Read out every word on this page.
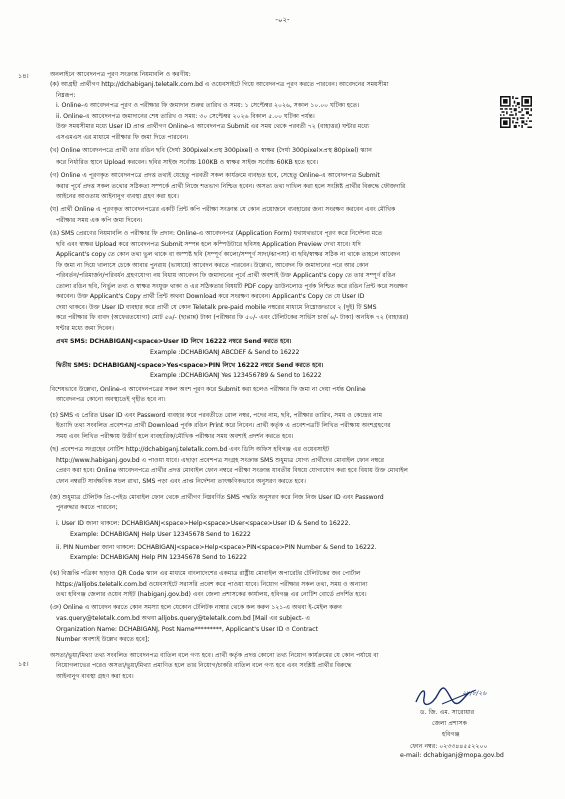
-০২-
১৪।	অনলাইনে আবেদনপত্র পূরণ সংক্রান্ত নিয়মাবলি ও করণীয়:
(ক) আগ্রহী প্রার্থীগণ http://dchabiganj.teletalk.com.bd এ ওয়েবসাইটে গিয়ে আবেদনপত্র পূরণ করতে পারবেন। আবেদনের সময়সীমা
নিম্নরূপ:
i. Online-এ আবেদনপত্র পূরণ ও পরীক্ষার ফি জমাদান শুরুর তারিখ ও সময়: ১ সেপ্টেম্বর ২০২৬, সকাল ১০.০০ ঘটিকা হতে।
ii. Online-এ আবেদনপত্র জমাদানের শেষ তারিখ ও সময়: ৩০ সেপ্টেম্বর ২০২৬ বিকাল ৫.০০ ঘটিকা পর্যন্ত।
উক্ত সময়সীমার মধ্যে User ID প্রাপ্ত প্রার্থীগণ Online-এ আবেদনপত্র Submit এর সময় থেকে পরবর্তী ৭২ (বাহাত্তর) ঘন্টার মধ্যে
এসএমএস এর মাধ্যমে পরীক্ষার ফি জমা দিতে পারবেন।
(খ) Online আবেদনপত্রে প্রার্থী তার রঙিন ছবি (দৈর্ঘ্য 300pixel×প্রস্থ 300pixel) ও স্বাক্ষর (দৈর্ঘ্য 300pixel×প্রস্থ 80pixel) স্ক্যান
করে নির্ধারিত স্থানে Upload করবেন। ছবির সাইজ সর্বোচ্চ 100KB ও স্বাক্ষর সাইজ সর্বোচ্চ 60KB হতে হবে।
(গ) Online এ পূরণকৃত আবেদনপত্রে প্রদত্ত তথ্যই যেহেতু পরবর্তী সকল কার্যক্রমে ব্যবহৃত হবে, সেহেতু Online-এ আবেদনপত্র Submit
করার পূর্বে প্রদত্ত সকল তথ্যের সঠিকতা সম্পর্কে প্রার্থী নিজে শতভাগ নিশ্চিত হবেন। অসত্য তথ্য দাখিল করা হলে সংশ্লিষ্ট প্রার্থীর বিরুদ্ধে ফৌজদারি
আইনের আওতায় আইনানুগ ব্যবস্থা গ্রহণ করা হবে।
(ঘ) প্রার্থী Online এ পূরণকৃত আবেদনপত্রের একটি প্রিন্ট কপি পরীক্ষা সংক্রান্ত যে কোন প্রয়োজনে ব্যবহারের জন্য সংরক্ষণ করবেন এবং মৌখিক
পরীক্ষার সময় এক কপি জমা দিবেন।
(ঙ) SMS প্রেরণের নিয়মাবলি ও পরীক্ষার ফি প্রদান: Online-এ আবেদনপত্র (Application Form) যথাযথভাবে পূরণ করে নির্দেশনা মতে
ছবি এবং স্বাক্ষর Upload করে আবেদনপত্র Submit সম্পন্ন হলে কম্পিউটারে ছবিসহ Application Preview দেখা যাবে। যদি
Applicant's copy তে কোন তথ্য ভুল থাকে বা অস্পষ্ট ছবি (সম্পূর্ণ কালো/সম্পূর্ণ সাদা/ঝাপসা) বা ছবি/স্বাক্ষর সঠিক না থাকে তাহলে আবেদন
ফি জমা না দিয়ে খালাসে চেকে আবার পুনরায় (ভাষায়ে) আবেদন করতে পারবেন। উল্লেখ্য, আবেদন ফি জমাদানের পরে আর কোন
পরিবর্তন/পরিমার্জন/পরিবর্ধন গ্রহণযোগ্য নয় বিধায় আবেদন ফি জমাদানের পূর্বে প্রার্থী অবশ্যই উক্ত Applicant's copy তে তার সম্পূর্ণ রঙিন
তোলা রঙিন ছবি, নির্ভুল তথ্য ও স্বাক্ষর সংযুক্ত থাকা ও এর সঠিকতার বিষয়টি PDF copy ডাউনলোড পূর্বক নিশ্চিত করে রঙিন প্রিন্ট করে সংরক্ষণ
করবেন। উক্ত Applicant's Copy প্রার্থী প্রিন্ট অথবা Download করে সংরক্ষণ করবেন। Applicant's Copy তে যে User ID
দেয়া থাকবে। উক্ত User ID ব্যবহার করে প্রার্থী যে কোন Teletalk pre-paid mobile নম্বরের মাধ্যমে নিম্নোক্তভাবে ২ (দুই) টি SMS
করে পরীক্ষার ফি বাবদ (অফেরতযোগ্য) মোট ৫৬/- (ছাপ্পান্ন) টাকা (পরীক্ষার ফি ৫০/- এবং টেলিটকের সার্ভিস চার্জ ৬/- টাকা) অনধিক ৭২ (বাহাত্তর)
ঘন্টার মধ্যে জমা দিবেন।
প্রথম SMS: DCHABIGANJ<space>User ID লিখে 16222 নম্বরে Send করতে হবে।
Example :DCHABIGANJ ABCDEF & Send to 16222
দ্বিতীয় SMS: DCHABIGANJ<space>Yes<space>PIN লিখে 16222 নম্বরে Send করতে হবে।
Example :DCHABIGANJ Yes 123456789 & Send to 16222
বিশেষভাবে উল্লেখ্য, Online-এ আবেদনপত্রের সকল অংশ পূরণ করে Submit করা হলেও পরীক্ষার ফি জমা না দেয়া পর্যন্ত Online
আবেদনপত্র কোনো অবস্থাতেই গৃহীত হবে না।
(চ) SMS এ প্রেরিত User ID এবং Password ব্যবহার করে পরবর্তীতে রোল নম্বর, পদের নাম, ছবি, পরীক্ষার তারিখ, সময় ও কেন্দ্রের নাম
ইত্যাদি তথ্য সংবলিত প্রবেশপত্র প্রার্থী Download পূর্বক রঙিন Print করে নিবেন। প্রার্থী কর্তৃক এ প্রবেশপত্রটি লিখিত পরীক্ষায় অংশগ্রহণের
সময় এবং লিখিত পরীক্ষায় উত্তীর্ণ হলে ব্যবহারিক/মৌখিক পরীক্ষার সময় অবশ্যই প্রদর্শন করতে হবে।
(ছ) প্রবেশপত্র সংগ্রহের নোটিশ http://dchabiganj.teletalk.com.bd এবং ডিসি অফিস হবিগঞ্জ এর ওয়েবসাইট
http://www.habiganj.gov.bd এ পাওয়া যাবে। এছাড়া প্রবেশপত্র সংগ্রহ সংক্রান্ত SMS শুধুমাত্র যোগ্য প্রার্থীদের মোবাইল ফোন নম্বরে
প্রেরণ করা হবে। Online আবেদনপত্রে প্রার্থীর প্রদত্ত মোবাইল ফোন নম্বরে পরীক্ষা সংক্রান্ত যাবতীয় বিষয়ে যোগাযোগ করা হবে বিধায় উক্ত মোবাইল
ফোন নম্বরটি সার্বক্ষণিক সচল রাখা, SMS পড়া এবং প্রাপ্ত নির্দেশনা তাৎক্ষণিকভাবে অনুসরণ করতে হবে।
(জ) শুধুমাত্র টেলিটক প্রি-পেইড মোবাইল ফোন থেকে প্রার্থীগণ নিম্নবর্ণিত SMS পদ্ধতি অনুসরণ করে নিজ নিজ User ID এবং Password
পুনরুদ্ধার করতে পারবেন;
i. User ID জানা থাকলে: DCHABIGANJ<space>Help<space>User<space>User ID & Send to 16222.
Example: DCHABIGANJ Help User 12345678 Send to 16222
ii. PIN Number জানা থাকলে: DCHABIGANJ<space>Help<space>PIN<space>PIN Number & Send to 16222.
Example: DCHABIGANJ Help PIN 12345678 Send to 16222
(ঝ) বিজ্ঞপ্তি পত্রিকা ছাড়াও QR Code স্ক্যান এর মাধ্যমে বাংলাদেশের একমাত্র রাষ্ট্রীয় মোবাইল অপারেটর টেলিটকের জব পোর্টাল
https://alljobs.teletalk.com.bd ওয়েবসাইটে সরাসরি প্রবেশ করে পাওয়া যাবে। নিয়োগ পরীক্ষার সকল তথ্য, সময় ও অন্যান্য
তথ্য হবিগঞ্জ জেলার ওয়েব সাইট (habiganj.gov.bd) এবং জেলা প্রশাসকের কার্যালয়, হবিগঞ্জ এর নোটিশ বোর্ডে প্রদর্শিত হবে।
(ঞ) Online এ আবেদন করতে কোন সমস্যা হলে যেকোন টেলিটক নাম্বার থেকে কল করুন ১২১-এ অথবা ই-মেইল করুন
vas.query@teletalk.com.bd অথবা alljobs.query@teletalk.com.bd [Mail এর subject- এ
Organization Name: DCHABIGANJ, Post Name*********, Applicant's User ID ও Contract
Number অবশ্যই উল্লেখ করতে হবে];
অসত্য/ভুয়া/মিথ্যা তথ্য সংবলিত আবেদনপত্র বাতিল বলে গণ্য হবে। প্রার্থী কর্তৃক প্রদত্ত কোনো তথ্য নিয়োগ কার্যক্রমের যে কোন পর্যায়ে বা
নিয়োগলাভের পরেও অসত্য/ভুয়া/মিথ্যা প্রমাণিত হলে তার নিয়োগ/চাকরি বাতিল বলে গণ্য হবে এবং সংশ্লিষ্ট প্রার্থীর বিরুদ্ধে
আইনানুগ ব্যবস্থা গ্রহণ করা হবে।
১৫।
২৮/৮/২৬
ড. জি. এম. সারোয়ার
জেলা প্রশাসক
হবিগঞ্জ
ফোন নম্বর: ০২৩৩৪৪৫৫২২০০
e-mail: dchabiganj@mopa.gov.bd
